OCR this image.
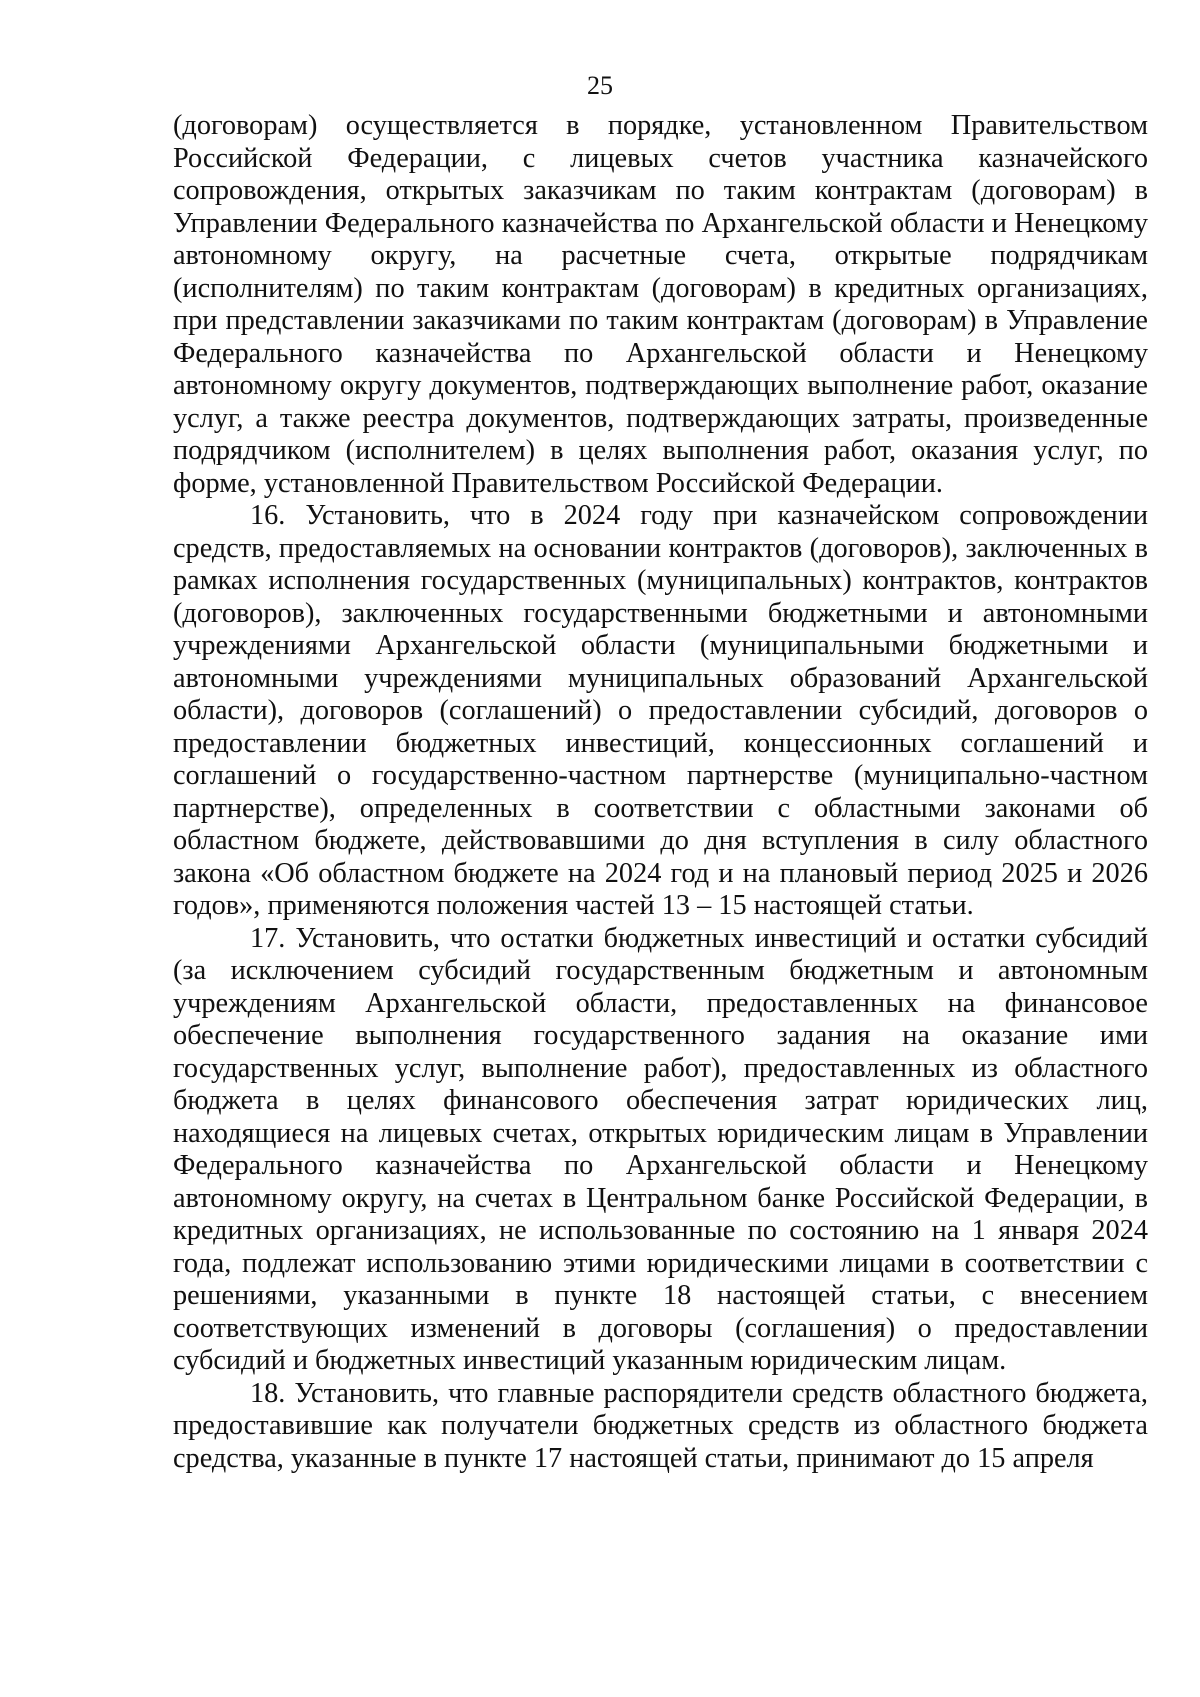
25

(договорам) осуществляется в порядке, установленном Правительством Российской Федерации, с лицевых счетов участника казначейского сопровождения, открытых заказчикам по таким контрактам (договорам) в Управлении Федерального казначейства по Архангельской области и Ненецкому автономному округу, на расчетные счета, открытые подрядчикам (исполнителям) по таким контрактам (договорам) в кредитных организациях, при представлении заказчиками по таким контрактам (договорам) в Управление Федерального казначейства по Архангельской области и Ненецкому автономному округу документов, подтверждающих выполнение работ, оказание услуг, а также реестра документов, подтверждающих затраты, произведенные подрядчиком (исполнителем) в целях выполнения работ, оказания услуг, по форме, установленной Правительством Российской Федерации.

16. Установить, что в 2024 году при казначейском сопровождении средств, предоставляемых на основании контрактов (договоров), заключенных в рамках исполнения государственных (муниципальных) контрактов, контрактов (договоров), заключенных государственными бюджетными и автономными учреждениями Архангельской области (муниципальными бюджетными и автономными учреждениями муниципальных образований Архангельской области), договоров (соглашений) о предоставлении субсидий, договоров о предоставлении бюджетных инвестиций, концессионных соглашений и соглашений о государственно-частном партнерстве (муниципально-частном партнерстве), определенных в соответствии с областными законами об областном бюджете, действовавшими до дня вступления в силу областного закона «Об областном бюджете на 2024 год и на плановый период 2025 и 2026 годов», применяются положения частей 13 – 15 настоящей статьи.

17. Установить, что остатки бюджетных инвестиций и остатки субсидий (за исключением субсидий государственным бюджетным и автономным учреждениям Архангельской области, предоставленных на финансовое обеспечение выполнения государственного задания на оказание ими государственных услуг, выполнение работ), предоставленных из областного бюджета в целях финансового обеспечения затрат юридических лиц, находящиеся на лицевых счетах, открытых юридическим лицам в Управлении Федерального казначейства по Архангельской области и Ненецкому автономному округу, на счетах в Центральном банке Российской Федерации, в кредитных организациях, не использованные по состоянию на 1 января 2024 года, подлежат использованию этими юридическими лицами в соответствии с решениями, указанными в пункте 18 настоящей статьи, с внесением соответствующих изменений в договоры (соглашения) о предоставлении субсидий и бюджетных инвестиций указанным юридическим лицам.

18. Установить, что главные распорядители средств областного бюджета, предоставившие как получатели бюджетных средств из областного бюджета средства, указанные в пункте 17 настоящей статьи, принимают до 15 апреля
